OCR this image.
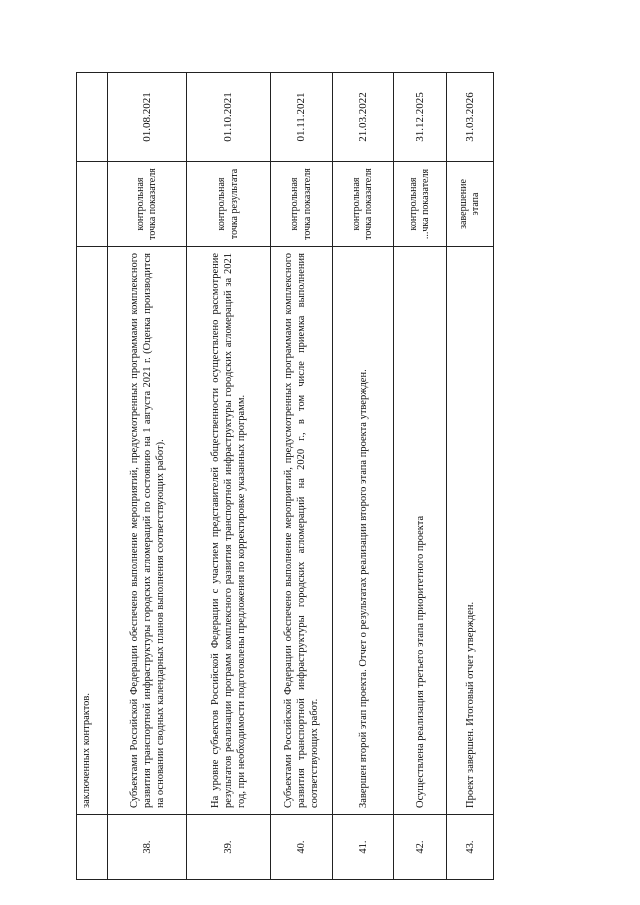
	заключенных контрактов.		
38.	Субъектами Российской Федерации обеспечено выполнение мероприятий, предусмотренных программами комплексного развития транспортной инфраструктуры городских агломераций по состоянию на 1 августа 2021 г. (Оценка производится на основании сводных календарных планов выполнения соответствующих работ).	контрольная точка показателя	01.08.2021
39.	На уровне субъектов Российской Федерации с участием представителей общественности осуществлено рассмотрение результатов реализации программ комплексного развития транспортной инфраструктуры городских агломераций за 2021 год, при необходимости подготовлены предложения по корректировке указанных программ.	контрольная точка результата	01.10.2021
40.	Субъектами Российской Федерации обеспечено выполнение мероприятий, предусмотренных программами комплексного развития транспортной инфраструктуры городских агломераций на 2020 г., в том числе приемка выполнения соответствующих работ.	контрольная точка показателя	01.11.2021
41.	Завершен второй этап проекта. Отчет о результатах реализации второго этапа проекта утвержден.	контрольная точка показателя	21.03.2022
42.	Осуществлена реализация третьего этапа приоритетного проекта	контрольная ...чка показателя	31.12.2025
43.	Проект завершен. Итоговый отчет утвержден.	завершение этапа	31.03.2026
